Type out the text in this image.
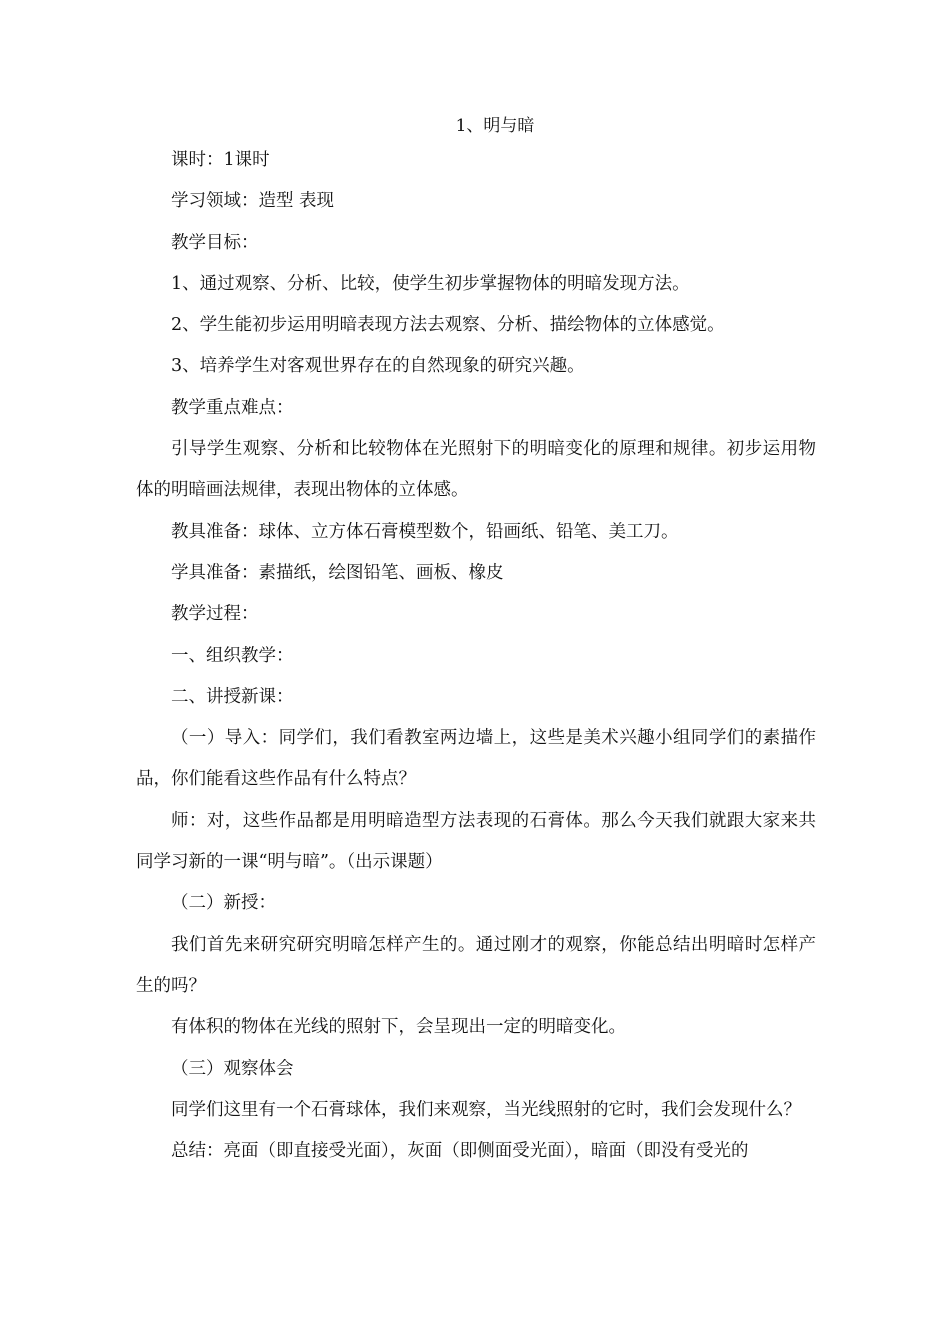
1、明与暗

课时：1课时

学习领域：造型 表现

教学目标：

1、通过观察、分析、比较，使学生初步掌握物体的明暗发现方法。

2、学生能初步运用明暗表现方法去观察、分析、描绘物体的立体感觉。

3、培养学生对客观世界存在的自然现象的研究兴趣。

教学重点难点：

引导学生观察、分析和比较物体在光照射下的明暗变化的原理和规律。初步运用物体的明暗画法规律，表现出物体的立体感。

教具准备：球体、立方体石膏模型数个，铅画纸、铅笔、美工刀。

学具准备：素描纸，绘图铅笔、画板、橡皮

教学过程：

一、组织教学：

二、讲授新课：

（一）导入：同学们，我们看教室两边墙上，这些是美术兴趣小组同学们的素描作品，你们能看这些作品有什么特点？

师：对，这些作品都是用明暗造型方法表现的石膏体。那么今天我们就跟大家来共同学习新的一课“明与暗”。（出示课题）

（二）新授：

我们首先来研究研究明暗怎样产生的。通过刚才的观察，你能总结出明暗时怎样产生的吗？

有体积的物体在光线的照射下，会呈现出一定的明暗变化。

（三）观察体会

同学们这里有一个石膏球体，我们来观察，当光线照射的它时，我们会发现什么？

总结：亮面（即直接受光面），灰面（即侧面受光面），暗面（即没有受光的
